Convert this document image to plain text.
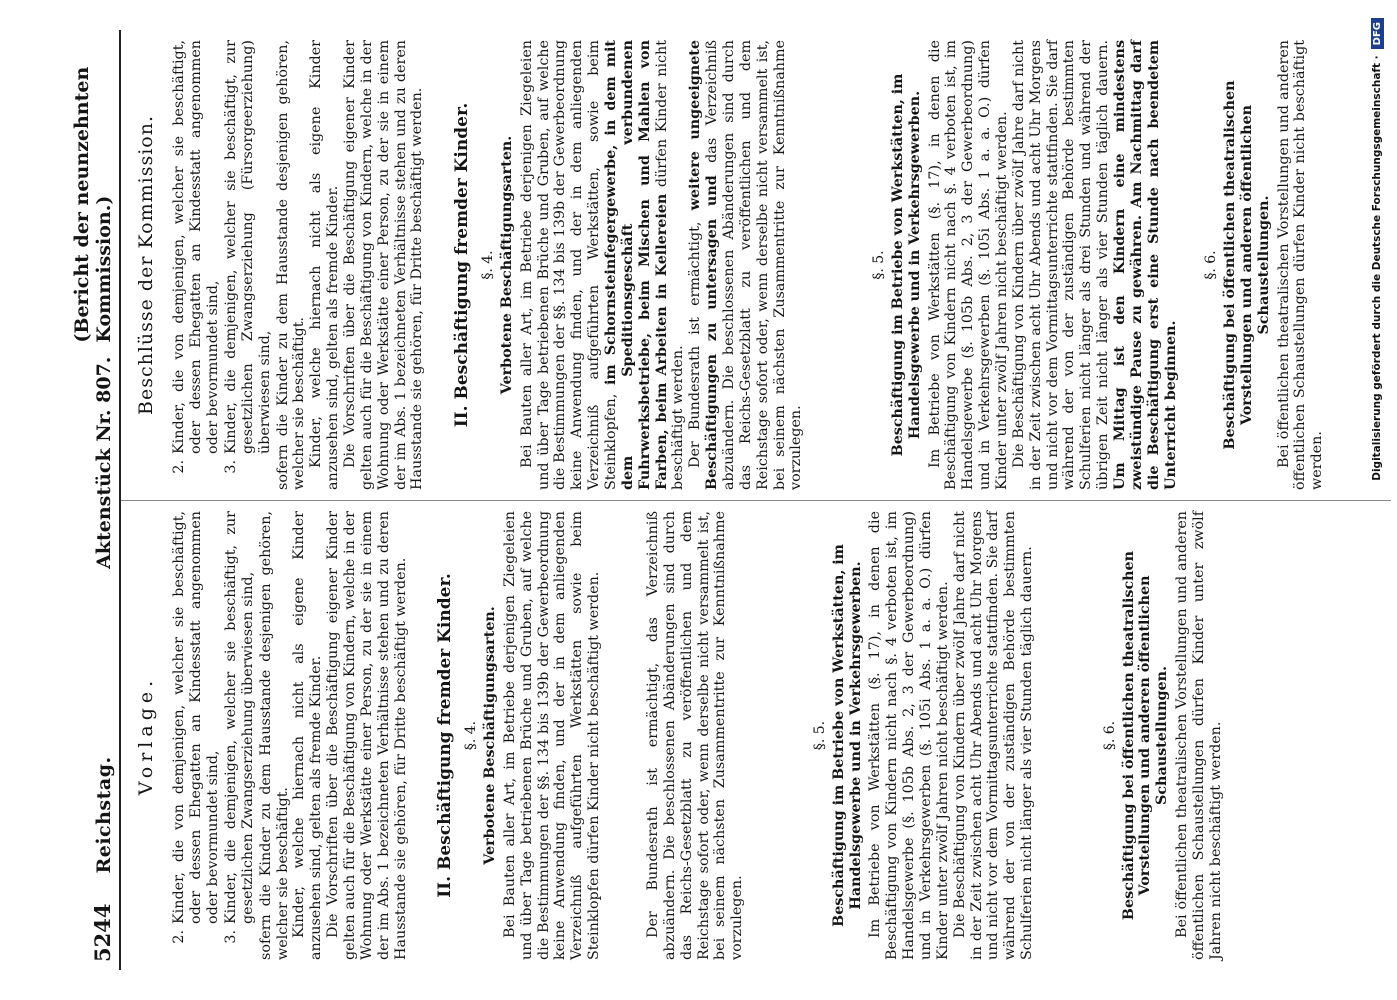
5244
Reichstag.
Aktenstück Nr. 807.
(Bericht der neunzehnten Kommission.)
Vorlage.
2.
Kinder, die von demjenigen, welcher sie beschäftigt, oder dessen Ehegatten an Kindesstatt angenommen oder bevormundet sind,
3.
Kinder, die demjenigen, welcher sie beschäftigt, zur gesetzlichen Zwangserziehung überwiesen sind, sofern die Kinder zu dem Hausstande desjenigen gehören, welcher sie beschäftigt. Kinder, welche hiernach nicht als eigene Kinder anzusehen sind, gelten als fremde Kinder. Die Vorschriften über die Beschäftigung eigener Kinder gelten auch für die Beschäftigung von Kindern, welche in der Wohnung oder Werkstätte einer Person, zu der sie in einem der im Abs. 1 bezeichneten Verhältnisse stehen und zu deren Hausstande sie gehören, für Dritte beschäftigt werden. II. Beschäftigung fremder Kinder. §. 4. Verbotene Beschäftigungsarten. Bei Bauten aller Art, im Betriebe derjenigen Ziegeleien und über Tage betriebenen Brüche und Gruben, auf welche die Bestimmungen der §§. 134 bis 139b der Gewerbeordnung keine Anwendung finden, und der in dem anliegenden Verzeichniß aufgeführten Werkstätten sowie beim Steinklopfen dürfen Kinder nicht beschäftigt werden.	Der Bundesrath ist ermächtigt, das Verzeichniß abzuändern. Die beschlossenen Abänderungen sind durch das Reichs-Gesetzblatt zu veröffentlichen und dem Reichstage sofort oder, wenn derselbe nicht versammelt ist, bei seinem nächsten Zusammentritte zur Kenntnißnahme vorzulegen.

§. 5. Beschäftigung im Betriebe von Werkstätten, im Handelsgewerbe und in Verkehrsgewerben. Im Betriebe von Werkstätten (§. 17), in denen die Beschäftigung von Kindern nicht nach §. 4 verboten ist, im Handelsgewerbe (§. 105b Abs. 2, 3 der Gewerbeordnung) und in Verkehrsgewerben (§. 105i Abs. 1 a. a. O.) dürfen Kinder unter zwölf Jahren nicht beschäftigt werden. Die Beschäftigung von Kindern über zwölf Jahre darf nicht in der Zeit zwischen acht Uhr Abends und acht Uhr Morgens und nicht vor dem Vormittagsunterrichte stattfinden. Sie darf während der von der zuständigen Behörde bestimmten Schulferien nicht länger als vier Stunden täglich dauern.	§. 6. Beschäftigung bei öffentlichen theatralischen Vorstellungen und anderen öffentlichen Schaustellungen. Bei öffentlichen theatralischen Vorstellungen und anderen öffentlichen Schaustellungen dürfen Kinder unter zwölf Jahren nicht beschäftigt werden.

Beschlüsse der Kommission.
2.
Kinder, die von demjenigen, welcher sie beschäftigt, oder dessen Ehegatten an Kindesstatt angenommen oder bevormundet sind,
3.
Kinder, die demjenigen, welcher sie beschäftigt, zur gesetzlichen Zwangserziehung (Fürsorgeerziehung) überwiesen sind, sofern die Kinder zu dem Hausstande desjenigen gehören, welcher sie beschäftigt. Kinder, welche hiernach nicht als eigene Kinder anzusehen sind, gelten als fremde Kinder. Die Vorschriften über die Beschäftigung eigener Kinder gelten auch für die Beschäftigung von Kindern, welche in der Wohnung oder Werkstätte einer Person, zu der sie in einem der im Abs. 1 bezeichneten Verhältnisse stehen und zu deren Hausstande sie gehören, für Dritte beschäftigt werden. II. Beschäftigung fremder Kinder. §. 4. Verbotene Beschäftigungsarten. Bei Bauten aller Art, im Betriebe derjenigen Ziegeleien und über Tage betriebenen Brüche und Gruben, auf welche die Bestimmungen der §§. 134 bis 139b der Gewerbeordnung keine Anwendung finden, und der in dem anliegenden Verzeichniß aufgeführten Werkstätten, sowie beim Steinklopfen, im Schornsteinfegergewerbe, in dem mit dem Speditionsgeschäft verbundenen Fuhrwerksbetriebe, beim Mischen und Mahlen von Farben, beim Arbeiten in Kellereien dürfen Kinder nicht beschäftigt werden. Der Bundesrath ist ermächtigt, weitere ungeeignete Beschäftigungen zu untersagen und das Verzeichniß abzuändern. Die beschlossenen Abänderungen sind durch das Reichs-Gesetzblatt zu veröffentlichen und dem Reichstage sofort oder, wenn derselbe nicht versammelt ist, bei seinem nächsten Zusammentritte zur Kenntnißnahme vorzulegen.

§. 5. Beschäftigung im Betriebe von Werkstätten, im Handelsgewerbe und in Verkehrsgewerben. Im Betriebe von Werkstätten (§. 17), in denen die Beschäftigung von Kindern nicht nach §. 4 verboten ist, im Handelsgewerbe (§. 105b Abs. 2, 3 der Gewerbeordnung) und in Verkehrsgewerben (§. 105i Abs. 1 a. a. O.) dürfen Kinder unter zwölf Jahren nicht beschäftigt werden. Die Beschäftigung von Kindern über zwölf Jahre darf nicht in der Zeit zwischen acht Uhr Abends und acht Uhr Morgens und nicht vor dem Vormittagsunterrichte stattfinden. Sie darf während der von der zuständigen Behörde bestimmten Schulferien nicht länger als drei Stunden und während der übrigen Zeit nicht länger als vier Stunden täglich dauern. Um Mittag ist den Kindern eine mindestens zweistündige Pause zu gewähren. Am Nachmittag darf die Beschäftigung erst eine Stunde nach beendetem Unterricht beginnen.

§. 6. Beschäftigung bei öffentlichen theatralischen Vorstellungen und anderen öffentlichen Schaustellungen. Bei öffentlichen theatralischen Vorstellungen und anderen öffentlichen Schaustellungen dürfen Kinder nicht beschäftigt werden.	Digitalisierung gefördert durch die Deutsche Forschungsgemeinschaft ·
DFG
